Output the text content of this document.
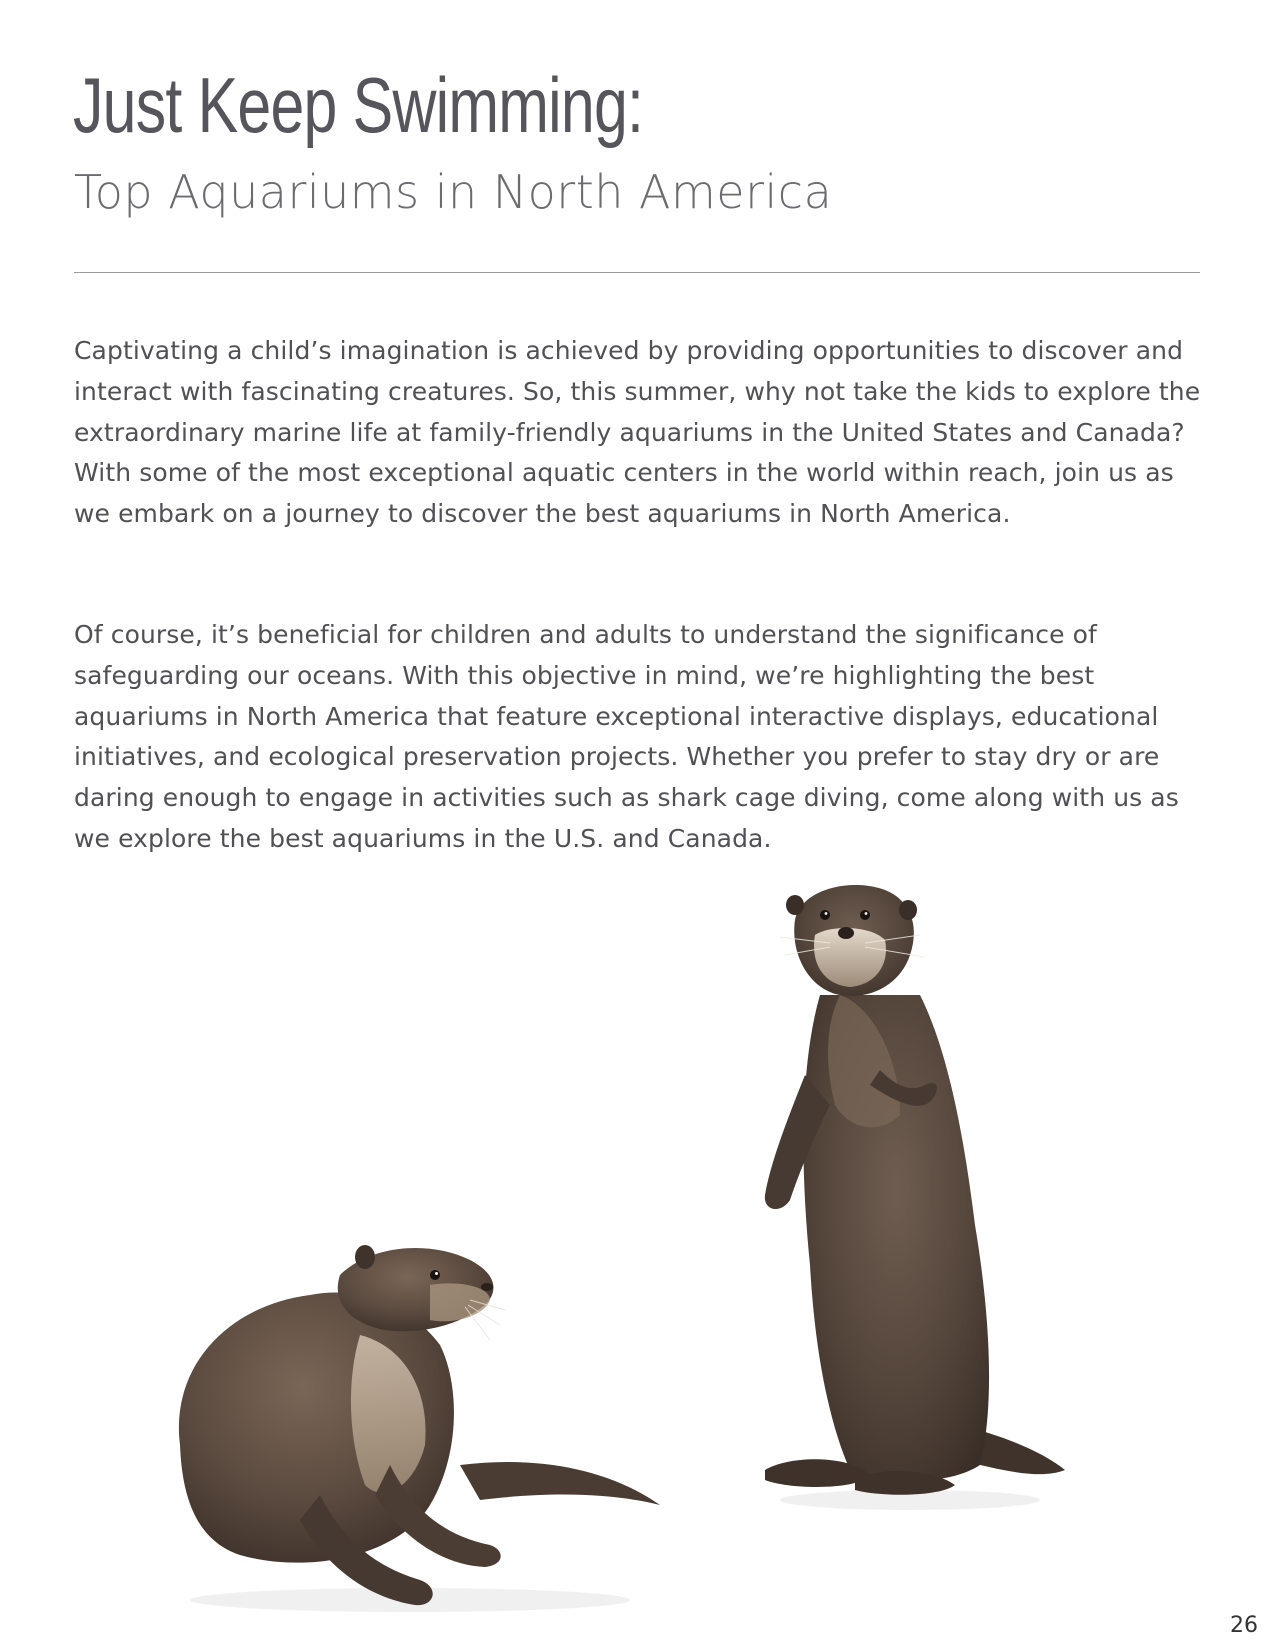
Just Keep Swimming:
Top Aquariums in North America

Captivating a child’s imagination is achieved by providing opportunities to discover and interact with fascinating creatures. So, this summer, why not take the kids to explore the extraordinary marine life at family-friendly aquariums in the United States and Canada? With some of the most exceptional aquatic centers in the world within reach, join us as we embark on a journey to discover the best aquariums in North America.

Of course, it’s beneficial for children and adults to understand the significance of safeguarding our oceans. With this objective in mind, we’re highlighting the best aquariums in North America that feature exceptional interactive displays, educational initiatives, and ecological preservation projects. Whether you prefer to stay dry or are daring enough to engage in activities such as shark cage diving, come along with us as we explore the best aquariums in the U.S. and Canada.

26
